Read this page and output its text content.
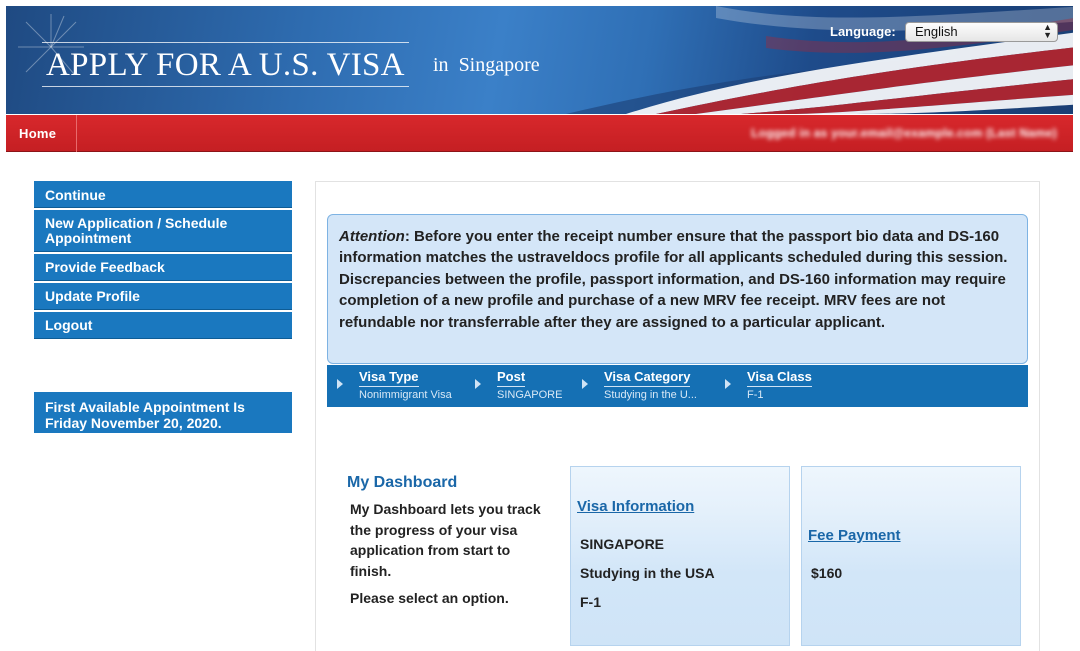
APPLY FOR A U.S. VISA in Singapore
Language:	English	▲
▼
Home	Logged in as your.email@example.com (Last Name)
Continue
New Application / Schedule Appointment
Provide Feedback
Update Profile
Logout
First Available Appointment Is Friday November 20, 2020.
Attention: Before you enter the receipt number ensure that the passport bio data and DS-160 information matches the ustraveldocs profile for all applicants scheduled during this session. Discrepancies between the profile, passport information, and DS-160 information may require completion of a new profile and purchase of a new MRV fee receipt. MRV fees are not refundable nor transferrable after they are assigned to a particular applicant.
Visa Type
Nonimmigrant Visa
Post
SINGAPORE
Visa Category
Studying in the U...
Visa Class
F-1
My Dashboard
My Dashboard lets you track the progress of your visa application from start to finish.
Please select an option.
Visa Information
SINGAPORE
Studying in the USA
F-1
Fee Payment
$160
